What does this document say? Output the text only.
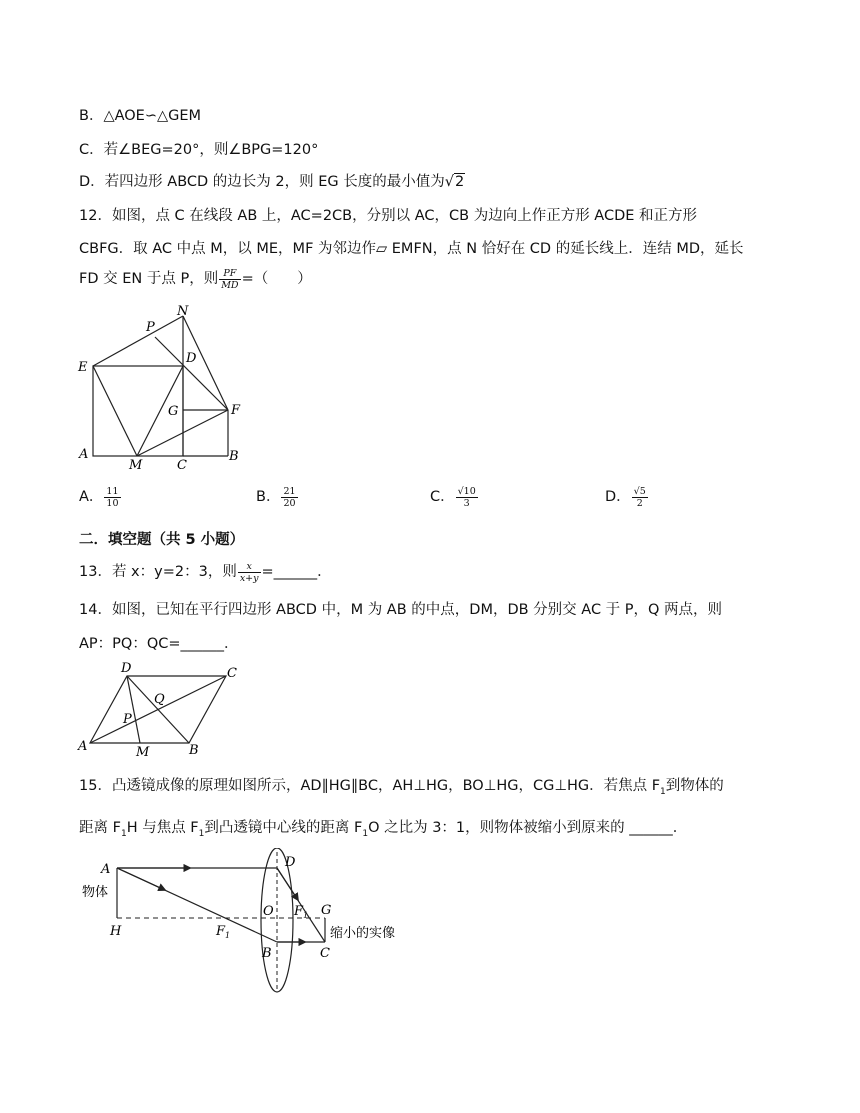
B．△AOE∽△GEM
C．若∠BEG=20°，则∠BPG=120°
D．若四边形 ABCD 的边长为 2，则 EG 长度的最小值为√2
12．如图，点 C 在线段 AB 上，AC=2CB，分别以 AC，CB 为边向上作正方形 ACDE 和正方形
CBFG．取 AC 中点 M，以 ME，MF 为邻边作▱ EMFN，点 N 恰好在 CD 的延长线上．连结 MD，延长
FD 交 EN 于点 P，则 $\frac{PF}{MD}$ =（　　）
N
P
E
D
G	F
A
M	C
B
A． $\frac{11}{10}$	B． $\frac{21}{20}$	C． $\frac{√10}{3}$	D． $\frac{√5}{2}$
二．填空题（共 5 小题）
13．若 x：y=2：3，则 $\frac{x}{x+y}$ =______．
14．如图，已知在平行四边形 ABCD 中，M 为 AB 的中点，DM，DB 分别交 AC 于 P，Q 两点，则
AP：PQ：QC=______．
D	C
Q
P
A	M	B
15．凸透镜成像的原理如图所示，AD∥HG∥BC，AH⊥HG，BO⊥HG，CG⊥HG．若焦点 $F_1$到物体的
距离 $F_1H$ 与焦点 $F_1$到凸透镜中心线的距离 $F_1O$ 之比为 3：1，则物体被缩小到原来的 ______．
A	D
物体
O $F_1$ G
H	$F_1$
B	C
缩小的实像
